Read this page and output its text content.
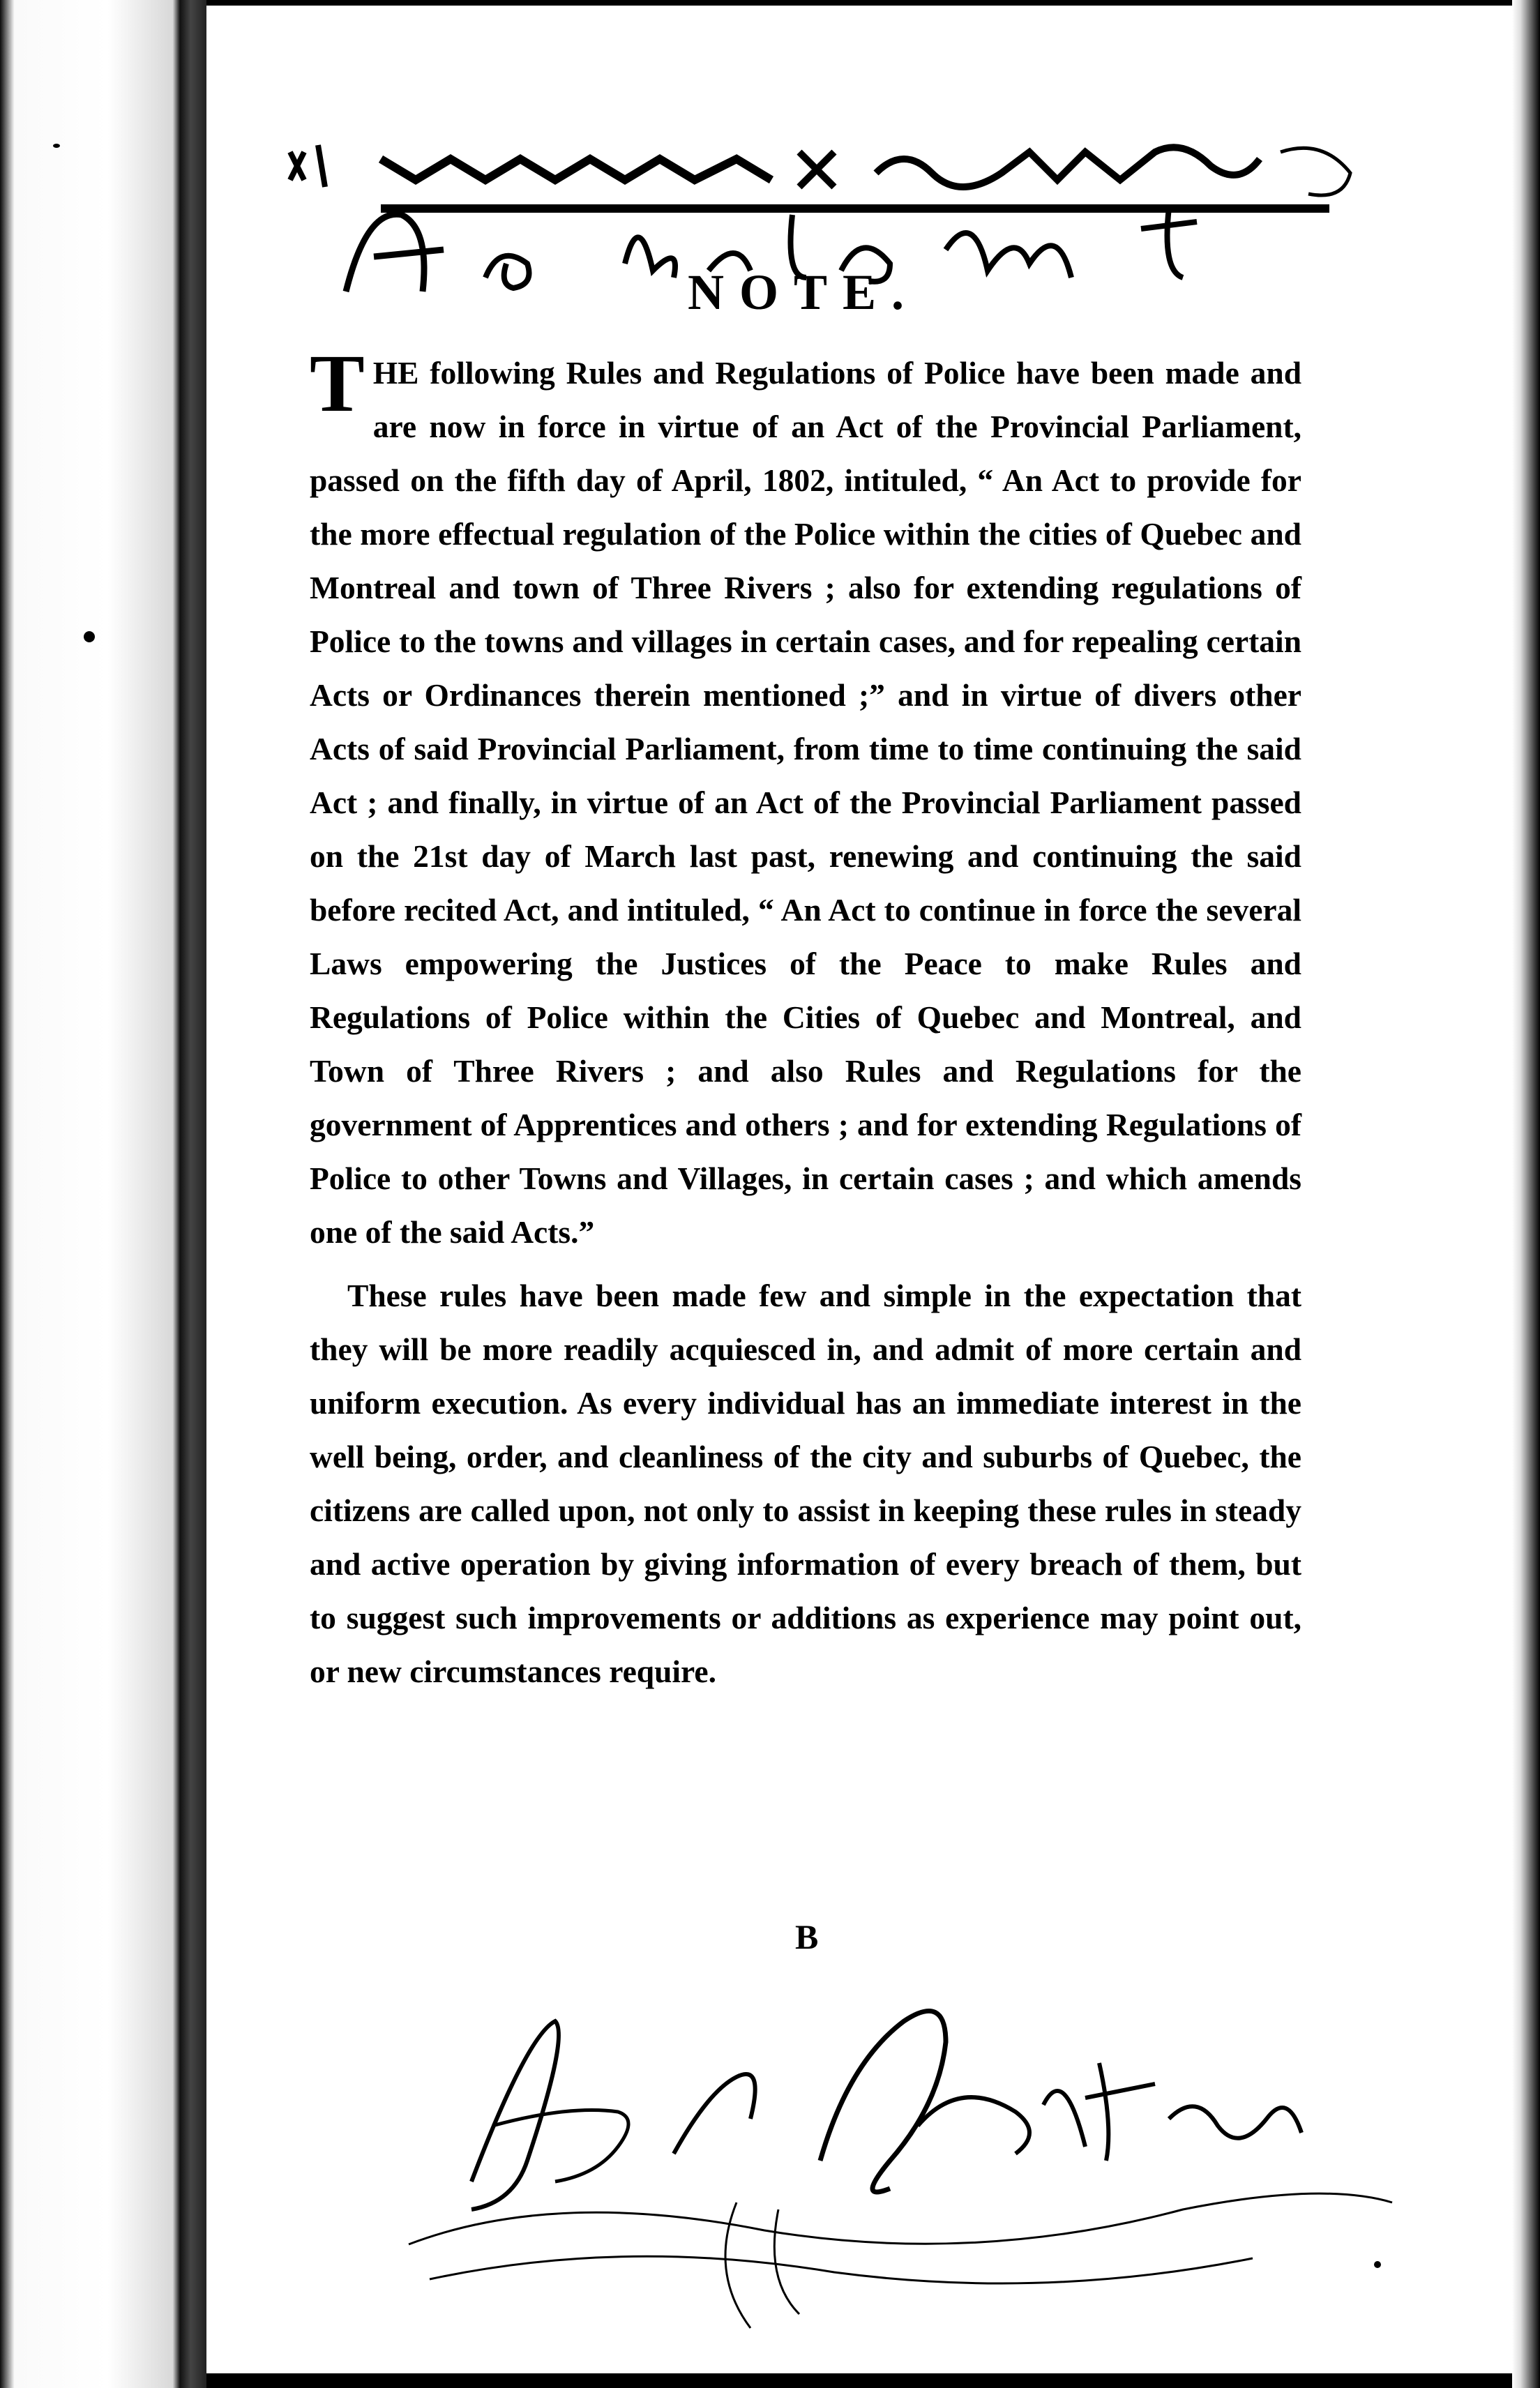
NOTE.

THE following Rules and Regulations of Police have been made and are now in force in virtue of an Act of the Provincial Parliament, passed on the fifth day of April, 1802, intituled, “ An Act to provide for the more effectual regulation of the Police within the cities of Quebec and Montreal and town of Three Rivers ; also for extending regulations of Police to the towns and villages in certain cases, and for repealing certain Acts or Ordinances therein mentioned ;” and in virtue of divers other Acts of said Provincial Parliament, from time to time continuing the said Act ; and finally, in virtue of an Act of the Provincial Parliament passed on the 21st day of March last past, renewing and continuing the said before recited Act, and intituled, “ An Act to continue in force the several Laws empowering the Justices of the Peace to make Rules and Regulations of Police within the Cities of Quebec and Montreal, and Town of Three Rivers ; and also Rules and Regulations for the government of Apprentices and others ; and for extending Regulations of Police to other Towns and Villages, in certain cases ; and which amends one of the said Acts.”

These rules have been made few and simple in the expectation that they will be more readily acquiesced in, and admit of more certain and uniform execution. As every individual has an immediate interest in the well being, order, and cleanliness of the city and suburbs of Quebec, the citizens are called upon, not only to assist in keeping these rules in steady and active operation by giving information of every breach of them, but to suggest such improvements or additions as experience may point out, or new circumstances require.

B
